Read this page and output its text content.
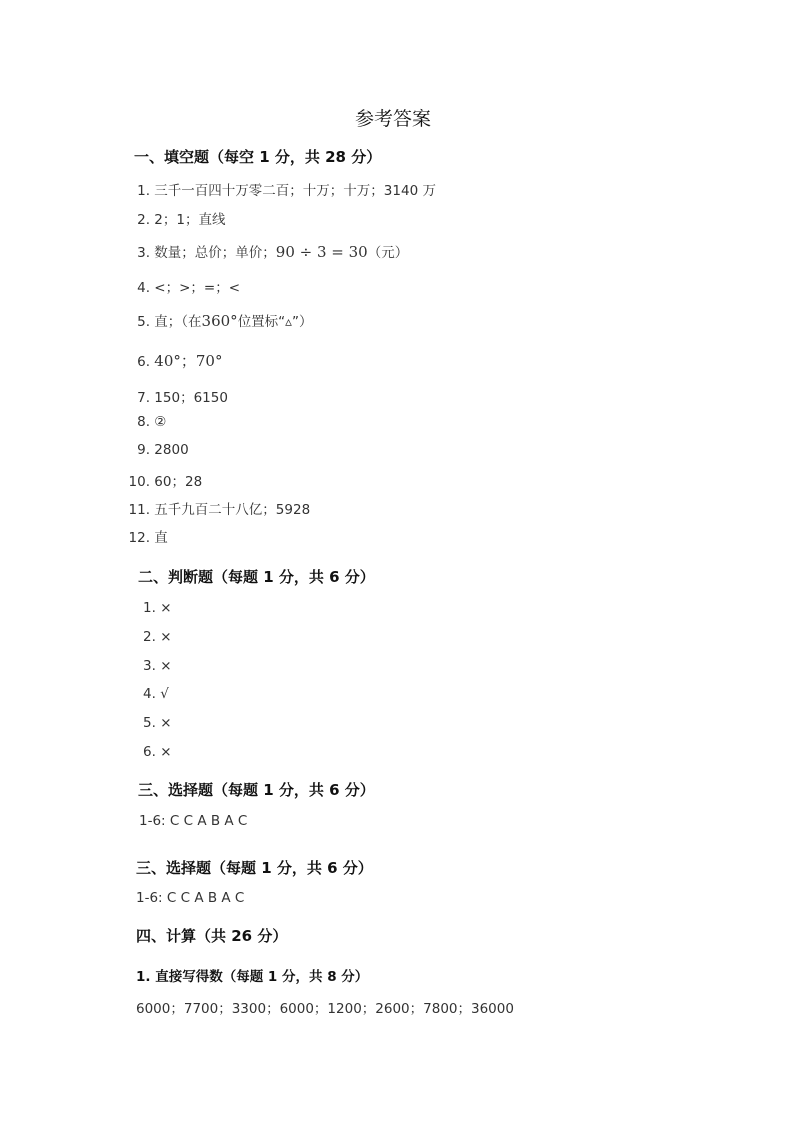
参考答案
一、填空题（每空 1 分，共 28 分）
1. 三千一百四十万零二百；十万；十万；3140 万
2. 2；1；直线
3. 数量；总价；单价；90 ÷ 3 = 30（元）
4. <；>；=；<
5. 直；（在360°位置标“▵”）
6. 40°；70°
7. 150；6150
8. ②
9. 2800
10. 60；28
11. 五千九百二十八亿；5928
12. 直
二、判断题（每题 1 分，共 6 分）
1. ×
2. ×
3. ×
4. √
5. ×
6. ×
三、选择题（每题 1 分，共 6 分）
1-6: C C A B A C
三、选择题（每题 1 分，共 6 分）
1-6: C C A B A C
四、计算（共 26 分）
1. 直接写得数（每题 1 分，共 8 分）
6000；7700；3300；6000；1200；2600；7800；36000
